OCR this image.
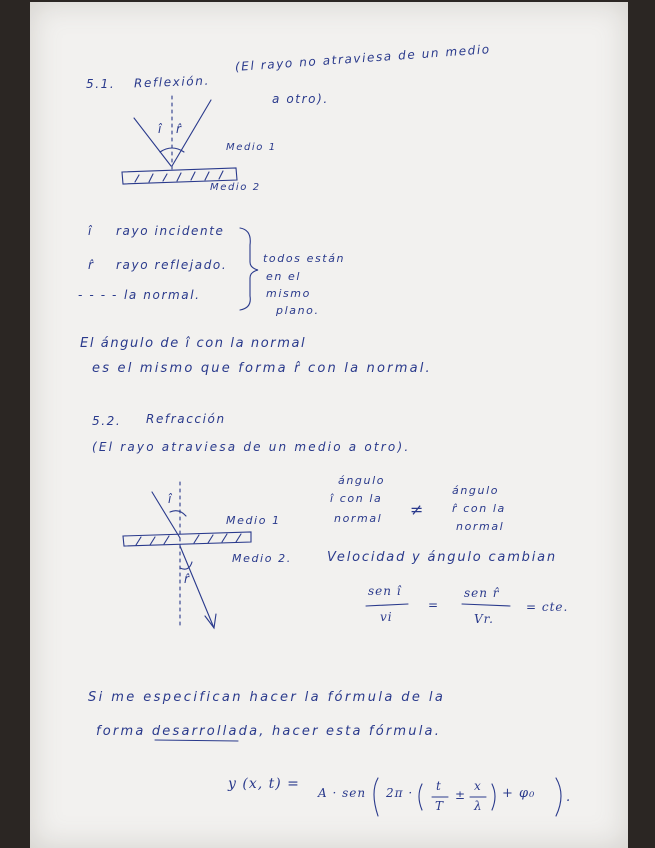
5.1. Reflexión.
(El rayo no atraviesa de un medio
a otro).
î r̂
Medio 1
Medio 2
î rayo incidente
r̂ rayo reflejado.
- - - - la normal.
todos están
en el
mismo
plano.
El ángulo de î con la normal
es el mismo que forma r̂ con la normal.
5.2. Refracción
(El rayo atraviesa de un medio a otro).
î
r̂
Medio 1
Medio 2.
ángulo
î con la
normal ≠
ángulo
r̂ con la
normal
Velocidad y ángulo cambian
sen î
vi
=
sen r̂
Vr.
= cte.
Si me especifican hacer la fórmula de la
forma desarrollada, hacer esta fórmula.
y (x, t) =
A · sen 2π · t
T
±
x
λ
+ φ₀ .
